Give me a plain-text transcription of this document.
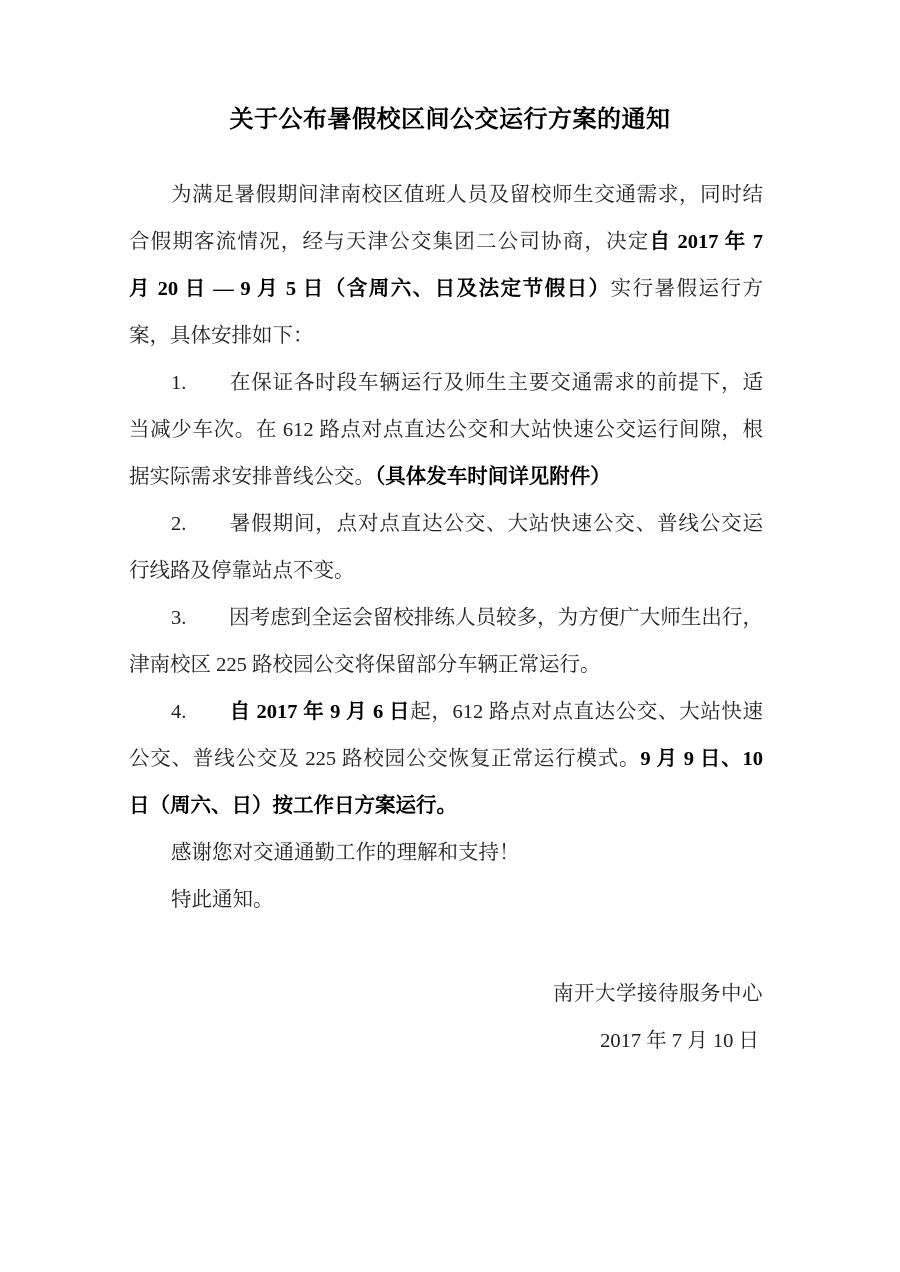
关于公布暑假校区间公交运行方案的通知
为满足暑假期间津南校区值班人员及留校师生交通需求，同时结
合假期客流情况，经与天津公交集团二公司协商，决定自 2017 年 7
月 20 日 — 9 月 5 日（含周六、日及法定节假日）实行暑假运行方
案，具体安排如下：
1. 在保证各时段车辆运行及师生主要交通需求的前提下，适
当减少车次。在 612 路点对点直达公交和大站快速公交运行间隙，根
据实际需求安排普线公交。（具体发车时间详见附件）
2. 暑假期间，点对点直达公交、大站快速公交、普线公交运
行线路及停靠站点不变。
3. 因考虑到全运会留校排练人员较多，为方便广大师生出行，
津南校区 225 路校园公交将保留部分车辆正常运行。
4. 自 2017 年 9 月 6 日起，612 路点对点直达公交、大站快速
公交、普线公交及 225 路校园公交恢复正常运行模式。9 月 9 日、10
日（周六、日）按工作日方案运行。
感谢您对交通通勤工作的理解和支持！
特此通知。
南开大学接待服务中心
2017 年 7 月 10 日
